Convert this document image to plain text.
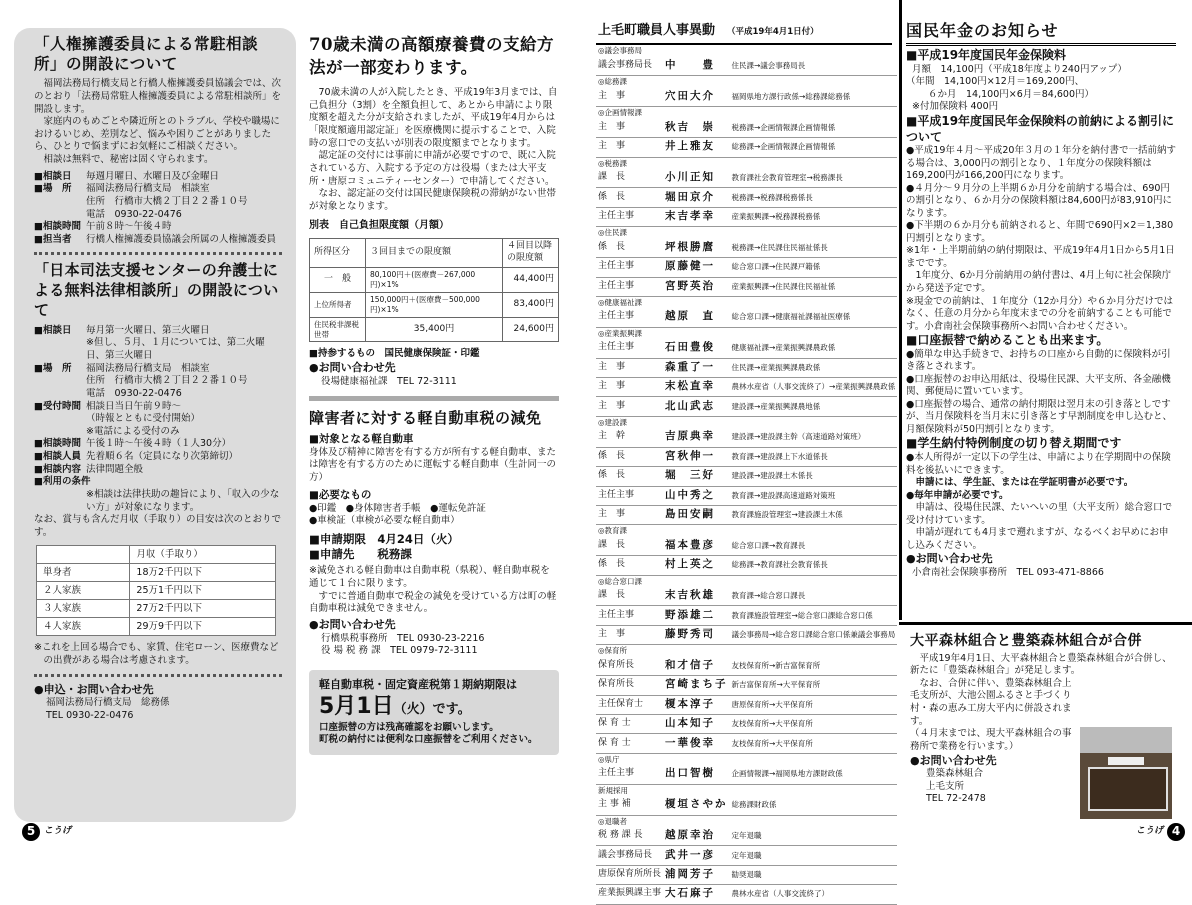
「人権擁護委員による常駐相談所」の開設について

福岡法務局行橋支局と行橋人権擁護委員協議会では、次のとおり「法務局常駐人権擁護委員による常駐相談所」を開設します。

家庭内のもめごとや隣近所とのトラブル、学校や職場におけるいじめ、差別など、悩みや困りごとがありましたら、ひとりで悩まずにお気軽にご相談ください。

相談は無料で、秘密は固く守られます。

■相談日	毎週月曜日、水曜日及び金曜日
■場　所	福岡法務局行橋支局　相談室
住所　行橋市大橋２丁目２２番１０号
電話　0930-22-0476
■相談時間 午前８時～午後４時
■担当者	行橋人権擁護委員協議会所属の人権擁護委員
「日本司法支援センターの弁護士による無料法律相談所」の開設について
■相談日	毎月第一火曜日、第三火曜日
※但し、５月、１月については、第二火曜日、第三火曜日
■場　所	福岡法務局行橋支局　相談室
住所　行橋市大橋２丁目２２番１０号
電話　0930-22-0476
■受付時間 相談日当日午前９時～
（時報とともに受付開始）
※電話による受付のみ
■相談時間 午後１時～午後４時（１人30分）
■相談人員 先着順６名（定員になり次第締切）
■相談内容 法律問題全般
■利用の条件

※相談は法律扶助の趣旨により、「収入の少ない方」が対象になります。

なお、賞与も含んだ月収（手取り）の目安は次のとおりです。

	月収（手取り）
単身者	18万2千円以下
２人家族	25万1千円以下
３人家族	27万2千円以下
４人家族	29万9千円以下

※これを上回る場合でも、家賃、住宅ローン、医療費などの出費がある場合は考慮されます。

●申込・お問い合わせ先
福岡法務局行橋支局　総務係
TEL 0930-22-0476
70歳未満の高額療養費の支給方法が一部変わります。

70歳未満の人が入院したとき、平成19年3月までは、自己負担分（3割）を全額負担して、あとから申請により限度額を超えた分が支給されましたが、平成19年4月からは「限度額適用認定証」を医療機関に提示することで、入院時の窓口での支払いが別表の限度額までとなります。

認定証の交付には事前に申請が必要ですので、既に入院されている方、入院する予定の方は役場（または大平支所・唐原コミュニティーセンター）で申請してください。

なお、認定証の交付は国民健康保険税の滞納がない世帯が対象となります。

別表　自己負担限度額（月額）
所得区分	３回目までの限度額	４回目以降の限度額
一　般	80,100円＋(医療費－267,000円)×1%	44,400円
上位所得者	150,000円＋(医療費－500,000円)×1%	83,400円
住民税非課税世帯	35,400円	24,600円
■持参するもの　国民健康保険証・印鑑
●お問い合わせ先
役場健康福祉課　TEL 72-3111
障害者に対する軽自動車税の減免
■対象となる軽自動車

身体及び精神に障害を有する方が所有する軽自動車、または障害を有する方のために運転する軽自動車（生計同一の方）

■必要なもの

●印鑑　●身体障害者手帳　●運転免許証

●車検証（車検が必要な軽自動車）

■申請期限　4月24日（火）
■申請先　　税務課

※減免される軽自動車は自動車税（県税）、軽自動車税を通じて１台に限ります。

すでに普通自動車で税金の減免を受けている方は町の軽自動車税は減免できません。

●お問い合わせ先
行橋県税事務所　TEL 0930-23-2216
役 場 税 務 課　TEL 0979-72-3111
軽自動車税・固定資産税第１期納期限は
5月1日（火）です。
口座振替の方は残高確認をお願いします。
町税の納付には便利な口座振替をご利用ください。
上毛町職員人事異動 （平成19年4月1日付）
◎議会事務局		
議会事務局長	中　　豊	住民課→議会事務局長
◎総務課		
主　事	穴田大介	福岡県地方課行政係→総務課総務係
◎企画情報課		
主　事	秋吉　崇	税務課→企画情報課企画情報係
主　事	井上雅友	総務課→企画情報課企画情報係
◎税務課		
課　長	小川正知	教育課社会教育管理室→税務課長
係　長	堀田京介	税務課→税務課税務係長
主任主事	末吉孝幸	産業振興課→税務課税務係
◎住民課		
係　長	坪根勝麿	税務課→住民課住民福祉係長
主任主事	原藤健一	総合窓口課→住民課戸籍係
主任主事	宮野英治	産業振興課→住民課住民福祉係
◎健康福祉課		
主任主事	越原　直	総合窓口課→健康福祉課福祉医療係
◎産業振興課		
主任主事	石田豊俊	健康福祉課→産業振興課農政係
主　事	森重了一	住民課→産業振興課農政係
主　事	末松直幸	農林水産省（人事交流終了）→産業振興課農政係
主　事	北山武志	建設課→産業振興課農地係
◎建設課		
主　幹	吉原典幸	建設課→建設課主幹（高速道路対策班）
係　長	宮秋伸一	教育課→建設課上下水道係長
係　長	堀　三好	建設課→建設課土木係長
主任主事	山中秀之	教育課→建設課高速道路対策班
主　事	島田安嗣	教育課施設管理室→建設課土木係
◎教育課		
課　長	福本豊彦	総合窓口課→教育課長
係　長	村上英之	総務課→教育課社会教育係長
◎総合窓口課		
課　長	末吉秋雄	教育課→総合窓口課長
主任主事	野添雄二	教育課施設管理室→総合窓口課総合窓口係
主　事	藤野秀司	議会事務局→総合窓口課総合窓口係兼議会事務局
◎保育所		
保育所長	和才信子	友枝保育所→新吉富保育所
保育所長	宮崎まち子	新吉富保育所→大平保育所
主任保育士	榎本淳子	唐原保育所→大平保育所
保 育 士	山本知子	友枝保育所→大平保育所
保 育 士	一華俊幸	友枝保育所→大平保育所
◎県庁		
主任主事	出口智樹	企画情報課→福岡県地方課財政係
新規採用		
主 事 補	榎垣さやか	総務課財政係
◎退職者		
税 務 課 長	越原幸治	定年退職
議会事務局長	武井一彦	定年退職
唐原保育所所長	浦岡芳子	勧奨退職
産業振興課主事	大石麻子	農林水産省（人事交流終了）
国民年金のお知らせ
■平成19年度国民年金保険料
月額　14,100円（平成18年度より240円アップ）
（年間　14,100円×12月＝169,200円、
６か月　14,100円×6月＝84,600円）
※付加保険料 400円
■平成19年度国民年金保険料の前納による割引について
●平成19年４月～平成20年３月の１年分を納付書で一括前納する場合は、3,000円の割引となり、１年度分の保険料額は169,200円が166,200円になります。
●４月分～９月分の上半期６か月分を前納する場合は、690円の割引となり、６か月分の保険料額は84,600円が83,910円になります。
●下半期の６か月分も前納されると、年間で690円×2＝1,380円割引となります。
※1年・上半期前納の納付期限は、平成19年4月1日から5月1日までです。
1年度分、6か月分前納用の納付書は、4月上旬に社会保険庁から発送予定です。
※現金での前納は、１年度分（12か月分）や６か月分だけではなく、任意の月分から年度末までの分を前納することも可能です。小倉南社会保険事務所へお問い合わせください。
■口座振替で納めることも出来ます。
●簡単な申込手続きで、お持ちの口座から自動的に保険料が引き落とされます。
●口座振替のお申込用紙は、役場住民課、大平支所、各金融機関、郵便局に置いています。
●口座振替の場合、通常の納付期限は翌月末の引き落としですが、当月保険料を当月末に引き落とす早割制度を申し込むと、月額保険料が50円割引となります。
■学生納付特例制度の切り替え期間です
●本人所得が一定以下の学生は、申請により在学期間中の保険料を後払いにできます。
申請には、学生証、または在学証明書が必要です。
●毎年申請が必要です。
申請は、役場住民課、たいへいの里（大平支所）総合窓口で受け付けています。
申請が遅れても4月まで遡れますが、なるべくお早めにお申し込みください。
●お問い合わせ先
小倉南社会保険事務所　TEL 093-471-8866
大平森林組合と豊築森林組合が合併

平成19年4月1日、大平森林組合と豊築森林組合が合併し、新たに「豊築森林組合」が発足します。

なお、合併に伴い、豊築森林組合上毛支所が、大池公園ふるさと手づくり村・森の恵み工房大平内に併設されます。

（４月末までは、現大平森林組合の事務所で業務を行います。）

●お問い合わせ先
豊築森林組合
上毛支所
TEL 72-2478
5 こうげ	こうげ 4
